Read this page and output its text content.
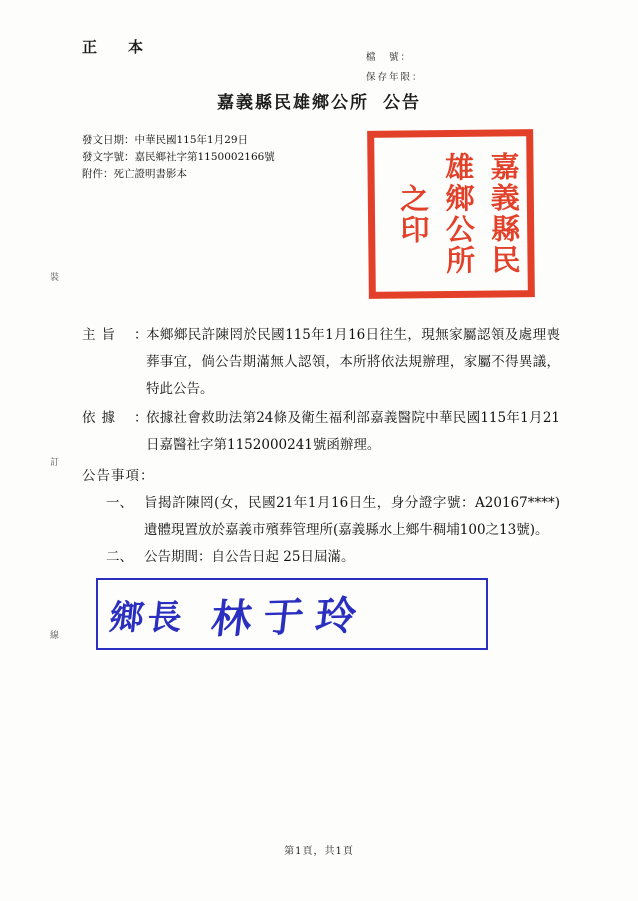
裝
訂
線
正　本
檔　號：
保存年限：
嘉義縣民雄鄉公所 公告
發文日期：中華民國115年1月29日
發文字號：嘉民鄉社字第1150002166號
附件：死亡證明書影本	嘉義縣民
雄鄉公所
之印
主旨 ：
本鄉鄉民許陳罔於民國115年1月16日往生，現無家屬認領及處理喪葬事宜，倘公告期滿無人認領，本所將依法規辦理，家屬不得異議，特此公告。
依據 ：
依據社會救助法第24條及衛生福利部嘉義醫院中華民國115年1月21日嘉醫社字第1152000241號函辦理。
公告事項：
一、 旨揭許陳罔(女，民國21年1月16日生，身分證字號：A20167****)遺體現置放於嘉義市殯葬管理所(嘉義縣水上鄉牛稠埔100之13號)。
二、 公告期間：自公告日起 25日屆滿。
鄉長 林于玲
第1頁，共1頁
